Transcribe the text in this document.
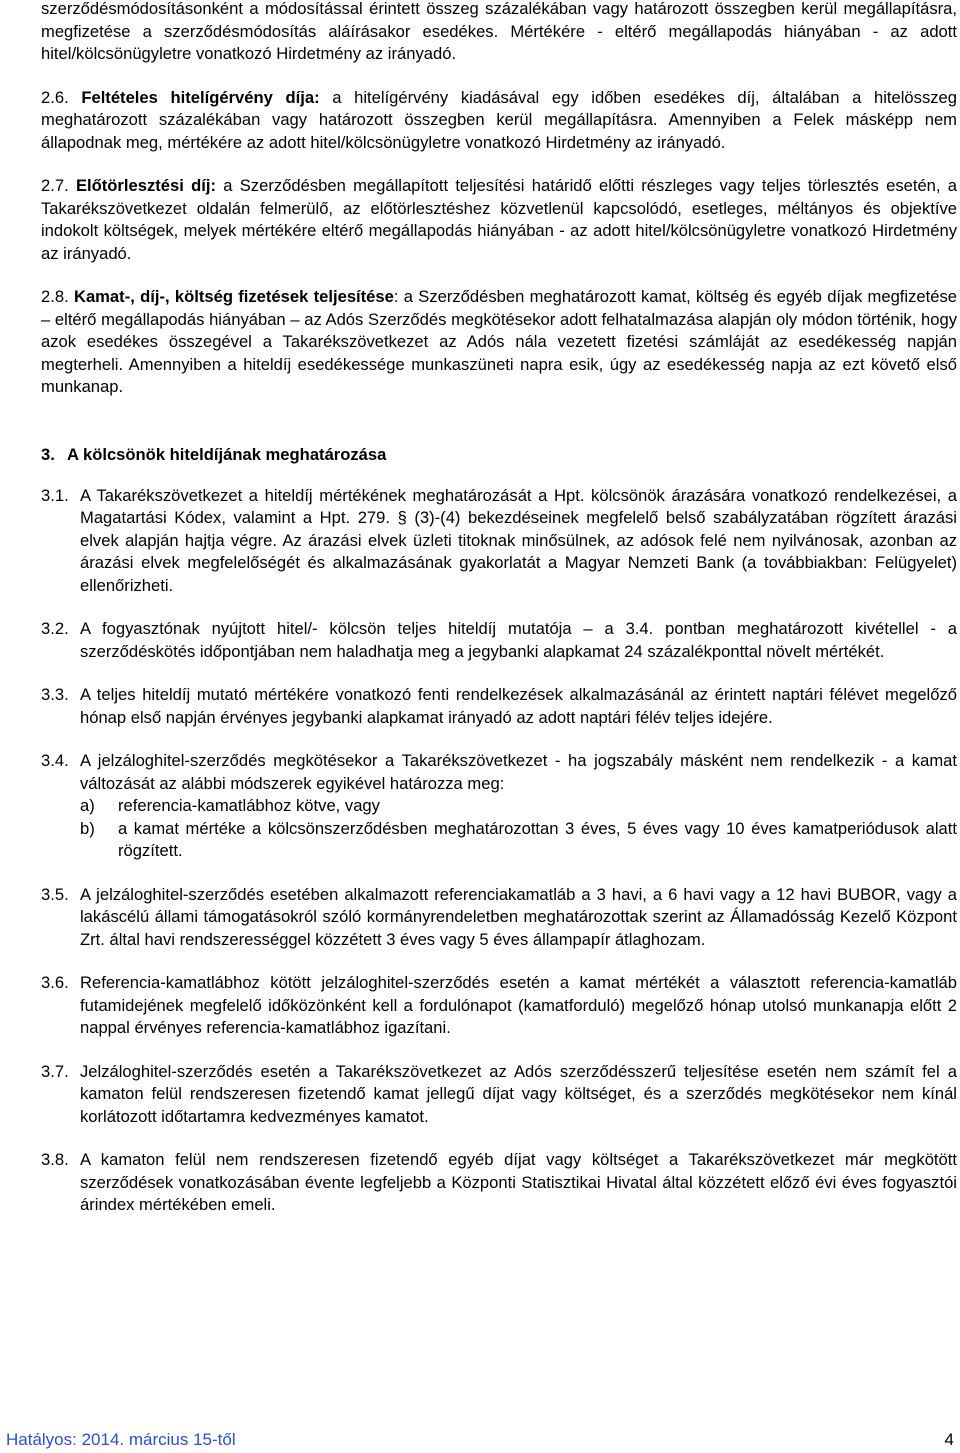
szerződésmódosításonként a módosítással érintett összeg százalékában vagy határozott összegben kerül megállapításra, megfizetése a szerződésmódosítás aláírásakor esedékes. Mértékére - eltérő megállapodás hiányában - az adott hitel/kölcsönügyletre vonatkozó Hirdetmény az irányadó.

2.6. Feltételes hitelígérvény díja: a hitelígérvény kiadásával egy időben esedékes díj, általában a hitelösszeg meghatározott százalékában vagy határozott összegben kerül megállapításra. Amennyiben a Felek másképp nem állapodnak meg, mértékére az adott hitel/kölcsönügyletre vonatkozó Hirdetmény az irányadó.

2.7. Előtörlesztési díj: a Szerződésben megállapított teljesítési határidő előtti részleges vagy teljes törlesztés esetén, a Takarékszövetkezet oldalán felmerülő, az előtörlesztéshez közvetlenül kapcsolódó, esetleges, méltányos és objektíve indokolt költségek, melyek mértékére eltérő megállapodás hiányában - az adott hitel/kölcsönügyletre vonatkozó Hirdetmény az irányadó.

2.8. Kamat-, díj-, költség fizetések teljesítése: a Szerződésben meghatározott kamat, költség és egyéb díjak megfizetése – eltérő megállapodás hiányában – az Adós Szerződés megkötésekor adott felhatalmazása alapján oly módon történik, hogy azok esedékes összegével a Takarékszövetkezet az Adós nála vezetett fizetési számláját az esedékesség napján megterheli. Amennyiben a hiteldíj esedékessége munkaszüneti napra esik, úgy az esedékesség napja az ezt követő első munkanap.

3. A kölcsönök hiteldíjának meghatározása
3.1. A Takarékszövetkezet a hiteldíj mértékének meghatározását a Hpt. kölcsönök árazására vonatkozó rendelkezései, a Magatartási Kódex, valamint a Hpt. 279. § (3)-(4) bekezdéseinek megfelelő belső szabályzatában rögzített árazási elvek alapján hajtja végre. Az árazási elvek üzleti titoknak minősülnek, az adósok felé nem nyilvánosak, azonban az árazási elvek megfelelőségét és alkalmazásának gyakorlatát a Magyar Nemzeti Bank (a továbbiakban: Felügyelet) ellenőrizheti.

3.2. A fogyasztónak nyújtott hitel/- kölcsön teljes hiteldíj mutatója – a 3.4. pontban meghatározott kivétellel - a szerződéskötés időpontjában nem haladhatja meg a jegybanki alapkamat 24 százalékponttal növelt mértékét.

3.3. A teljes hiteldíj mutató mértékére vonatkozó fenti rendelkezések alkalmazásánál az érintett naptári félévet megelőző hónap első napján érvényes jegybanki alapkamat irányadó az adott naptári félév teljes idejére.

3.4. A jelzáloghitel-szerződés megkötésekor a Takarékszövetkezet - ha jogszabály másként nem rendelkezik - a kamat változását az alábbi módszerek egyikével határozza meg:

a)	referencia-kamatlábhoz kötve, vagy
b)	a kamat mértéke a kölcsönszerződésben meghatározottan 3 éves, 5 éves vagy 10 éves kamatperiódusok alatt rögzített.
3.5. A jelzáloghitel-szerződés esetében alkalmazott referenciakamatláb a 3 havi, a 6 havi vagy a 12 havi BUBOR, vagy a lakáscélú állami támogatásokról szóló kormányrendeletben meghatározottak szerint az Államadósság Kezelő Központ Zrt. által havi rendszerességgel közzétett 3 éves vagy 5 éves állampapír átlaghozam.

3.6. Referencia-kamatlábhoz kötött jelzáloghitel-szerződés esetén a kamat mértékét a választott referencia-kamatláb futamidejének megfelelő időközönként kell a fordulónapot (kamatforduló) megelőző hónap utolsó munkanapja előtt 2 nappal érvényes referencia-kamatlábhoz igazítani.

3.7. Jelzáloghitel-szerződés esetén a Takarékszövetkezet az Adós szerződésszerű teljesítése esetén nem számít fel a kamaton felül rendszeresen fizetendő kamat jellegű díjat vagy költséget, és a szerződés megkötésekor nem kínál korlátozott időtartamra kedvezményes kamatot.

3.8. A kamaton felül nem rendszeresen fizetendő egyéb díjat vagy költséget a Takarékszövetkezet már megkötött szerződések vonatkozásában évente legfeljebb a Központi Statisztikai Hivatal által közzétett előző évi éves fogyasztói árindex mértékében emeli.

Hatályos: 2014. március 15-től	4
